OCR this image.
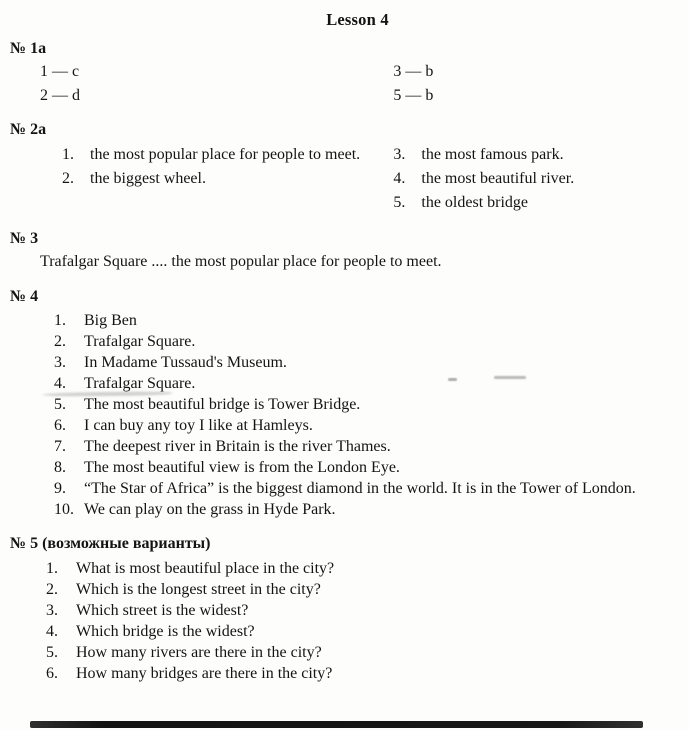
Lesson 4

№ 1a

1 — c

2 — d

3 — b

5 — b

№ 2a

1. the most popular place for people to meet.

2. the biggest wheel.

3. the most famous park.

4. the most beautiful river.

5. the oldest bridge

№ 3

Trafalgar Square .... the most popular place for people to meet.

№ 4

1. Big Ben

2. Trafalgar Square.

3. In Madame Tussaud's Museum.

4. Trafalgar Square.

5. The most beautiful bridge is Tower Bridge.

6. I can buy any toy I like at Hamleys.

7. The deepest river in Britain is the river Thames.

8. The most beautiful view is from the London Eye.

9. “The Star of Africa” is the biggest diamond in the world. It is in the Tower of London.

10. We can play on the grass in Hyde Park.

№ 5 (возможные варианты)

1. What is most beautiful place in the city?

2. Which is the longest street in the city?

3. Which street is the widest?

4. Which bridge is the widest?

5. How many rivers are there in the city?

6. How many bridges are there in the city?
